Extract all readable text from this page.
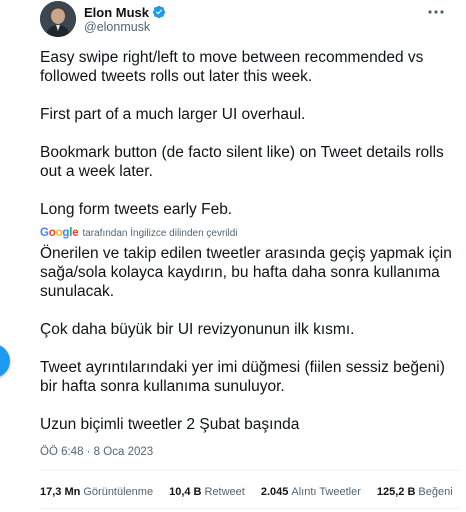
Elon Musk
@elonmusk

Easy swipe right/left to move between recommended vs followed tweets rolls out later this week.

First part of a much larger UI overhaul.

Bookmark button (de facto silent like) on Tweet details rolls out a week later.

Long form tweets early Feb.

Google tarafından İngilizce dilinden çevrildi

Önerilen ve takip edilen tweetler arasında geçiş yapmak için sağa/sola kolayca kaydırın, bu hafta daha sonra kullanıma sunulacak.

Çok daha büyük bir UI revizyonunun ilk kısmı.

Tweet ayrıntılarındaki yer imi düğmesi (fiilen sessiz beğeni) bir hafta sonra kullanıma sunuluyor.

Uzun biçimli tweetler 2 Şubat başında

ÖÖ 6:48 · 8 Oca 2023
17,3 Mn Görüntülenme 10,4 B Retweet 2.045 Alıntı Tweetler 125,2 B Beğeni
